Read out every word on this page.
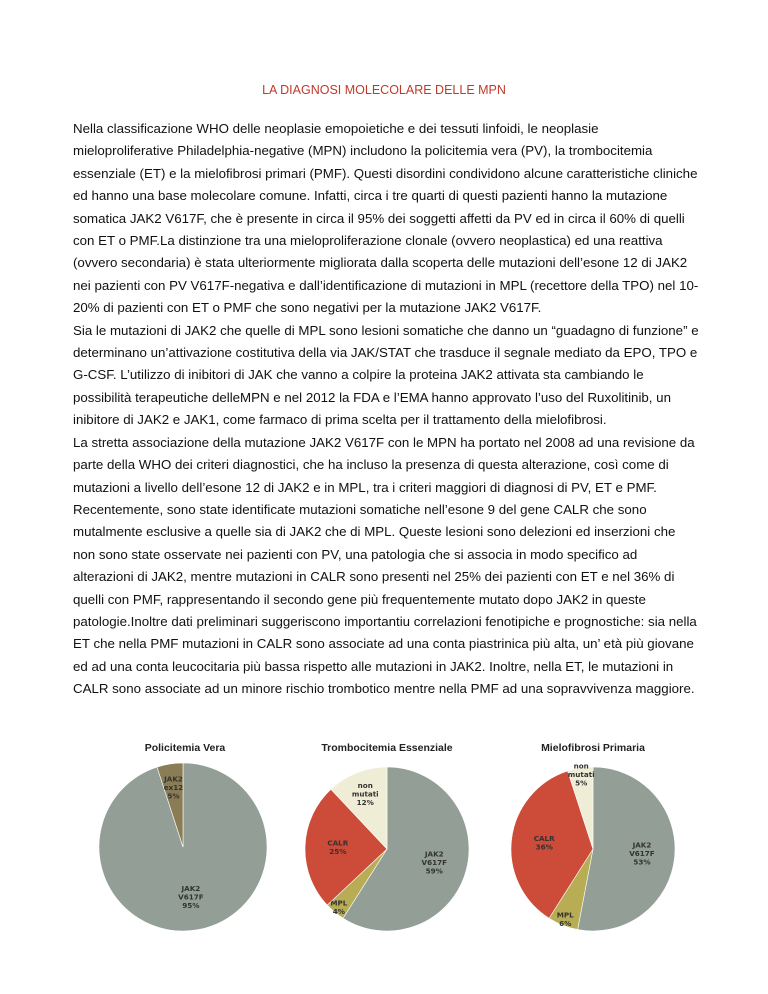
LA DIAGNOSI MOLECOLARE DELLE MPN

Nella classificazione WHO delle neoplasie emopoietiche e dei tessuti linfoidi, le neoplasie mieloproliferative Philadelphia-negative (MPN) includono la policitemia vera (PV), la trombocitemia essenziale (ET) e la mielofibrosi primari (PMF). Questi disordini condividono alcune caratteristiche cliniche ed hanno una base molecolare comune. Infatti, circa i tre quarti di questi pazienti hanno la mutazione somatica JAK2 V617F, che è presente in circa il 95% dei soggetti affetti da PV ed in circa il 60% di quelli con ET o PMF.La distinzione tra una mieloproliferazione clonale (ovvero neoplastica) ed una reattiva (ovvero secondaria) è stata ulteriormente migliorata dalla scoperta delle mutazioni dell’esone 12 di JAK2 nei pazienti con PV V617F-negativa e dall’identificazione di mutazioni in MPL (recettore della TPO) nel 10-20% di pazienti con ET o PMF che sono negativi per la mutazione JAK2 V617F.

Sia le mutazioni di JAK2 che quelle di MPL sono lesioni somatiche che danno un “guadagno di funzione” e determinano un’attivazione costitutiva della via JAK/STAT che trasduce il segnale mediato da EPO, TPO e G-CSF. L’utilizzo di inibitori di JAK che vanno a colpire la proteina JAK2 attivata sta cambiando le possibilità terapeutiche delleMPN e nel 2012 la FDA e l’EMA hanno approvato l’uso del Ruxolitinib, un inibitore di JAK2 e JAK1, come farmaco di prima scelta per il trattamento della mielofibrosi.

La stretta associazione della mutazione JAK2 V617F con le MPN ha portato nel 2008 ad una revisione da parte della WHO dei criteri diagnostici, che ha incluso la presenza di questa alterazione, così come di mutazioni a livello dell’esone 12 di JAK2 e in MPL, tra i criteri maggiori di diagnosi di PV, ET e PMF.

Recentemente, sono state identificate mutazioni somatiche nell’esone 9 del gene CALR che sono mutalmente esclusive a quelle sia di JAK2 che di MPL. Queste lesioni sono delezioni ed inserzioni che non sono state osservate nei pazienti con PV, una patologia che si associa in modo specifico ad alterazioni di JAK2, mentre mutazioni in CALR sono presenti nel 25% dei pazienti con ET e nel 36% di quelli con PMF, rappresentando il secondo gene più frequentemente mutato dopo JAK2 in queste patologie.Inoltre dati preliminari suggeriscono importantiu correlazioni fenotipiche e prognostiche: sia nella ET che nella PMF mutazioni in CALR sono associate ad una conta piastrinica più alta, un’ età più giovane ed ad una conta leucocitaria più bassa rispetto alle mutazioni in JAK2. Inoltre, nella ET, le mutazioni in CALR sono associate ad un minore rischio trombotico mentre nella PMF ad una sopravvivenza maggiore.

Policitemia Vera
JAK2 V617F 95%
JAK2 ex12 5%
Trombocitemia Essenziale
JAK2 V617F 59%
MPL 4%
CALR 25%
non mutati 12%
Mielofibrosi Primaria
JAK2 V617F 53%
MPL 6%
CALR 36%
non mutati 5%
